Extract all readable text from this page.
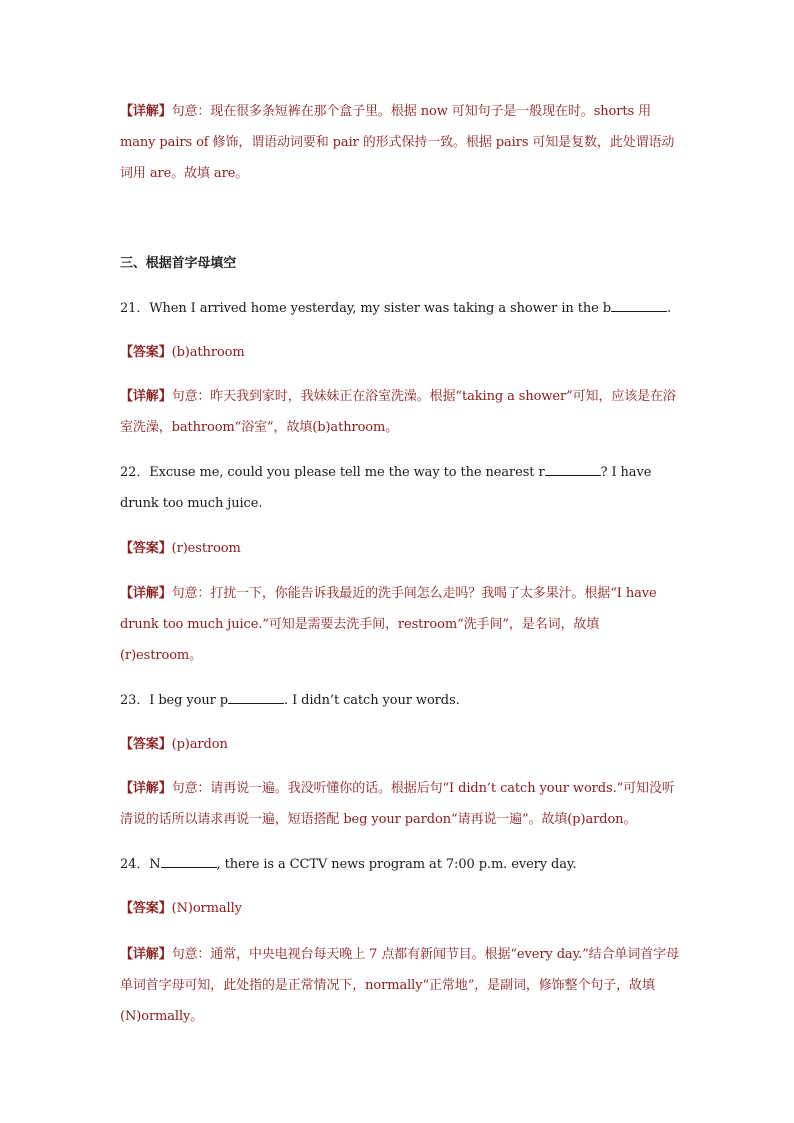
【详解】句意：现在很多条短裤在那个盒子里。根据 now 可知句子是一般现在时。shorts 用 many pairs of 修饰，谓语动词要和 pair 的形式保持一致。根据 pairs 可知是复数，此处谓语动词用 are。故填 are。
三、根据首字母填空
21．When I arrived home yesterday, my sister was taking a shower in the b	.
【答案】(b)athroom
【详解】句意：昨天我到家时，我妹妹正在浴室洗澡。根据“taking a shower”可知，应该是在浴室洗澡，bathroom“浴室”，故填(b)athroom。
22．Excuse me, could you please tell me the way to the nearest r	? I have drunk too much juice.
【答案】(r)estroom
【详解】句意：打扰一下，你能告诉我最近的洗手间怎么走吗？我喝了太多果汁。根据“I have drunk too much juice.”可知是需要去洗手间，restroom“洗手间”，是名词，故填(r)estroom。
23．I beg your p	. I didn’t catch your words.
【答案】(p)ardon
【详解】句意：请再说一遍。我没听懂你的话。根据后句“I didn’t catch your words.”可知没听清说的话所以请求再说一遍，短语搭配 beg your pardon“请再说一遍”。故填(p)ardon。
24．N	, there is a CCTV news program at 7:00 p.m. every day.
【答案】(N)ormally
【详解】句意：通常，中央电视台每天晚上 7 点都有新闻节目。根据“every day.”结合单词首字母单词首字母可知，此处指的是正常情况下，normally“正常地”，是副词，修饰整个句子，故填(N)ormally。
